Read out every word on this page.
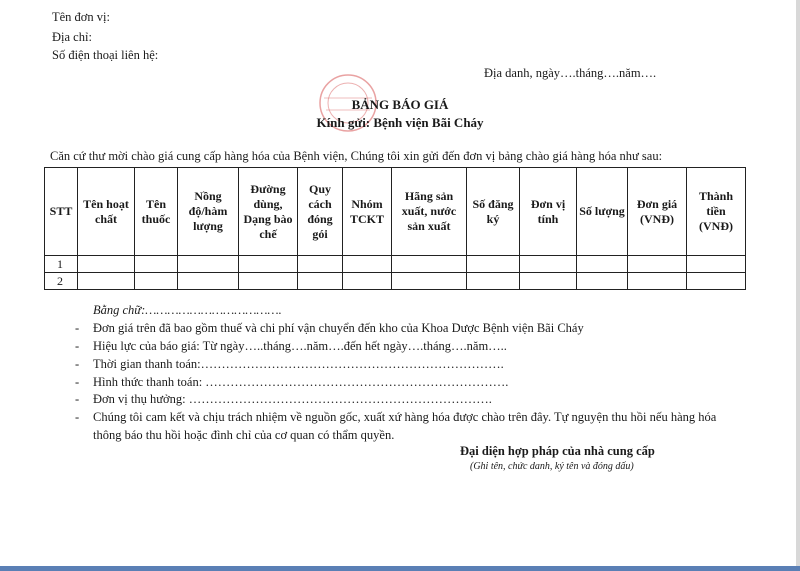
Tên đơn vị:
Địa chỉ:
Số điện thoại liên hệ:
Địa danh, ngày….tháng….năm….
BẢNG BÁO GIÁ
Kính gửi: Bệnh viện Bãi Cháy
Căn cứ thư mời chào giá cung cấp hàng hóa của Bệnh viện, Chúng tôi xin gửi đến đơn vị bảng chào giá hàng hóa như sau:
STT	Tên hoạt chất	Tên thuốc	Nồng độ/hàm lượng	Đường dùng, Dạng bào chế	Quy cách đóng gói	Nhóm TCKT	Hãng sản xuất, nước sản xuất	Số đăng ký	Đơn vị tính	Số lượng	Đơn giá (VNĐ)	Thành tiền (VNĐ)
1												
2												
Bằng chữ:……………………………….
- Đơn giá trên đã bao gồm thuế và chi phí vận chuyển đến kho của Khoa Dược Bệnh viện Bãi Cháy
- Hiệu lực của báo giá: Từ ngày…..tháng….năm….đến hết ngày….tháng….năm…..
- Thời gian thanh toán:……………………………………………………………….
- Hình thức thanh toán: ……………………………………………………………….
- Đơn vị thụ hưởng: ……………………………………………………………….
- Chúng tôi cam kết và chịu trách nhiệm về nguồn gốc, xuất xứ hàng hóa được chào trên đây. Tự nguyện thu hồi nếu hàng hóa
thông báo thu hồi hoặc đình chỉ của cơ quan có thẩm quyền.
Đại diện hợp pháp của nhà cung cấp
(Ghi tên, chức danh, ký tên và đóng dấu)
